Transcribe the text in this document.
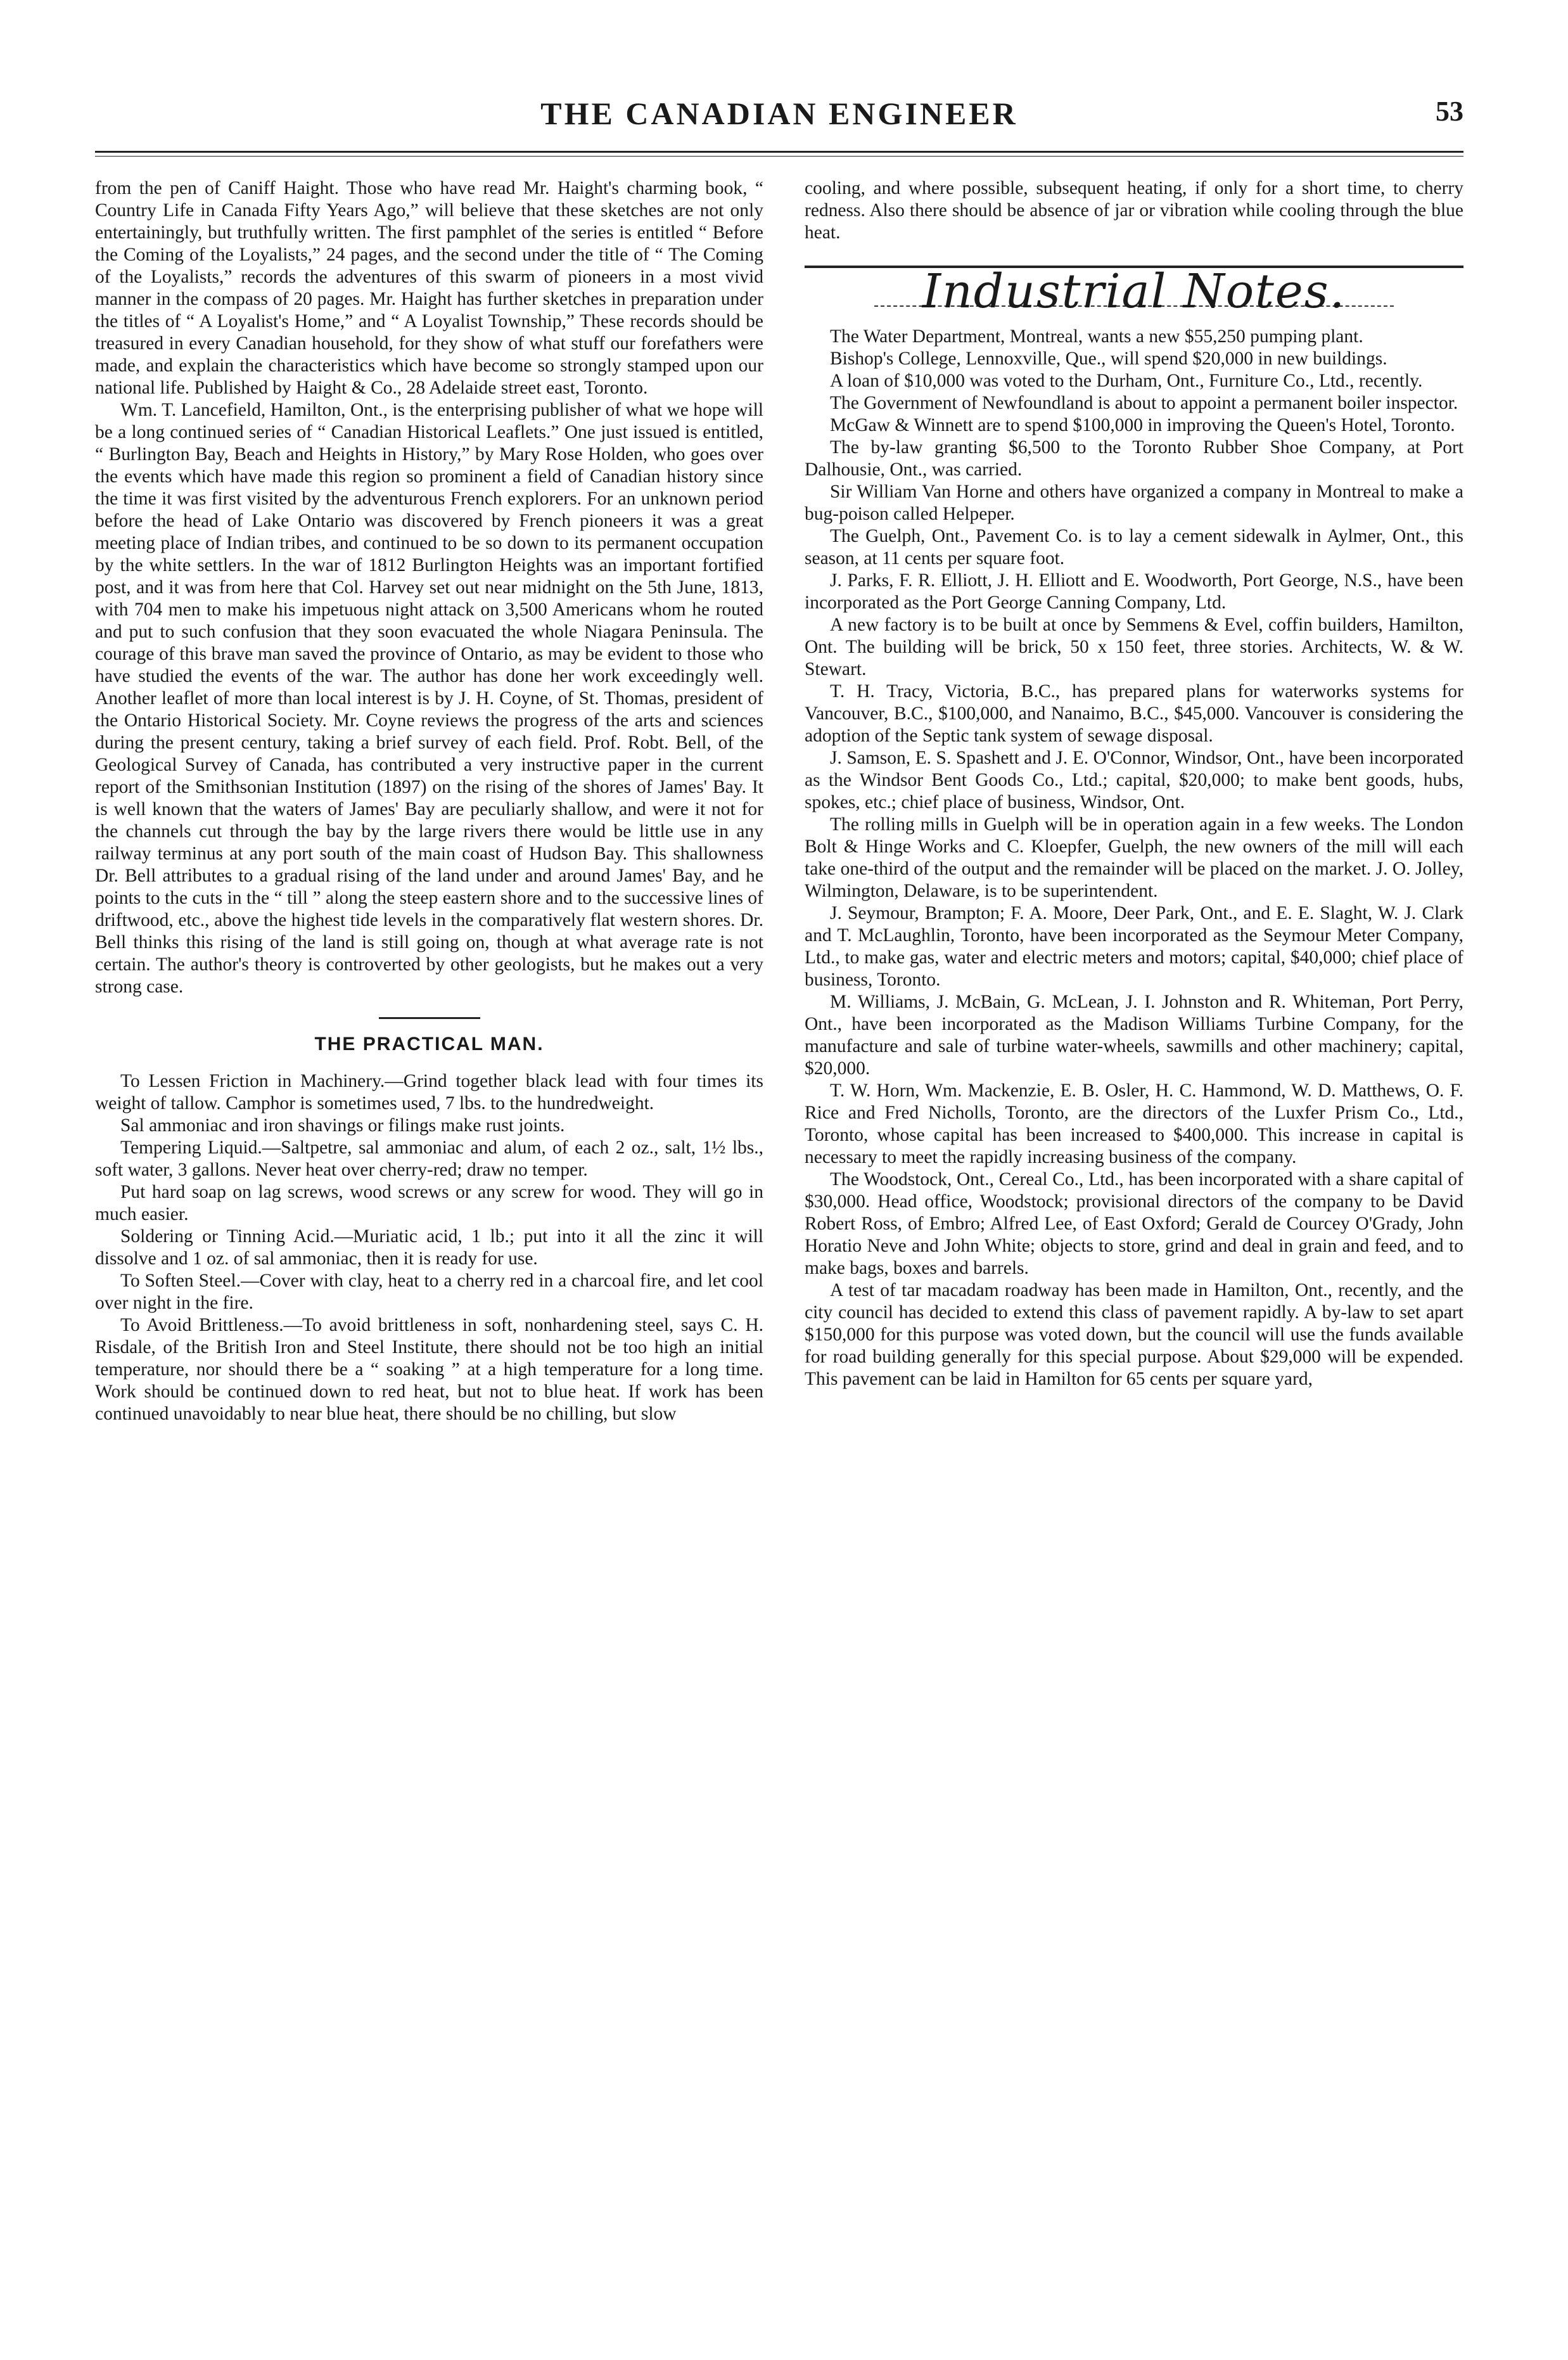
THE CANADIAN ENGINEER	53

from the pen of Caniff Haight. Those who have read Mr. Haight's charming book, “ Country Life in Canada Fifty Years Ago,” will believe that these sketches are not only entertainingly, but truthfully written. The first pamphlet of the series is entitled “ Before the Coming of the Loyalists,” 24 pages, and the second under the title of “ The Coming of the Loyalists,” records the adventures of this swarm of pioneers in a most vivid manner in the compass of 20 pages. Mr. Haight has further sketches in preparation under the titles of “ A Loyalist's Home,” and “ A Loyalist Township,” These records should be treasured in every Canadian household, for they show of what stuff our forefathers were made, and explain the characteristics which have become so strongly stamped upon our national life. Published by Haight & Co., 28 Adelaide street east, Toronto.

Wm. T. Lancefield, Hamilton, Ont., is the enterprising publisher of what we hope will be a long continued series of “ Canadian Historical Leaflets.” One just issued is entitled, “ Burlington Bay, Beach and Heights in History,” by Mary Rose Holden, who goes over the events which have made this region so prominent a field of Canadian history since the time it was first visited by the adventurous French explorers. For an unknown period before the head of Lake Ontario was discovered by French pioneers it was a great meeting place of Indian tribes, and continued to be so down to its permanent occupation by the white settlers. In the war of 1812 Burlington Heights was an important fortified post, and it was from here that Col. Harvey set out near midnight on the 5th June, 1813, with 704 men to make his impetuous night attack on 3,500 Americans whom he routed and put to such confusion that they soon evacuated the whole Niagara Peninsula. The courage of this brave man saved the province of Ontario, as may be evident to those who have studied the events of the war. The author has done her work exceedingly well. Another leaflet of more than local interest is by J. H. Coyne, of St. Thomas, president of the Ontario Historical Society. Mr. Coyne reviews the progress of the arts and sciences during the present century, taking a brief survey of each field. Prof. Robt. Bell, of the Geological Survey of Canada, has contributed a very instructive paper in the current report of the Smithsonian Institution (1897) on the rising of the shores of James' Bay. It is well known that the waters of James' Bay are peculiarly shallow, and were it not for the channels cut through the bay by the large rivers there would be little use in any railway terminus at any port south of the main coast of Hudson Bay. This shallowness Dr. Bell attributes to a gradual rising of the land under and around James' Bay, and he points to the cuts in the “ till ” along the steep eastern shore and to the successive lines of driftwood, etc., above the highest tide levels in the comparatively flat western shores. Dr. Bell thinks this rising of the land is still going on, though at what average rate is not certain. The author's theory is controverted by other geologists, but he makes out a very strong case.

THE PRACTICAL MAN.

To Lessen Friction in Machinery.—Grind together black lead with four times its weight of tallow. Camphor is sometimes used, 7 lbs. to the hundredweight.

Sal ammoniac and iron shavings or filings make rust joints.

Tempering Liquid.—Saltpetre, sal ammoniac and alum, of each 2 oz., salt, 1½ lbs., soft water, 3 gallons. Never heat over cherry-red; draw no temper.

Put hard soap on lag screws, wood screws or any screw for wood. They will go in much easier.

Soldering or Tinning Acid.—Muriatic acid, 1 lb.; put into it all the zinc it will dissolve and 1 oz. of sal ammoniac, then it is ready for use.

To Soften Steel.—Cover with clay, heat to a cherry red in a charcoal fire, and let cool over night in the fire.

To Avoid Brittleness.—To avoid brittleness in soft, nonhardening steel, says C. H. Risdale, of the British Iron and Steel Institute, there should not be too high an initial temperature, nor should there be a “ soaking ” at a high temperature for a long time. Work should be continued down to red heat, but not to blue heat. If work has been continued unavoidably to near blue heat, there should be no chilling, but slow

cooling, and where possible, subsequent heating, if only for a short time, to cherry redness. Also there should be absence of jar or vibration while cooling through the blue heat.

Industrial Notes.

The Water Department, Montreal, wants a new $55,250 pumping plant.

Bishop's College, Lennoxville, Que., will spend $20,000 in new buildings.

A loan of $10,000 was voted to the Durham, Ont., Furniture Co., Ltd., recently.

The Government of Newfoundland is about to appoint a permanent boiler inspector.

McGaw & Winnett are to spend $100,000 in improving the Queen's Hotel, Toronto.

The by-law granting $6,500 to the Toronto Rubber Shoe Company, at Port Dalhousie, Ont., was carried.

Sir William Van Horne and others have organized a company in Montreal to make a bug-poison called Helpeper.

The Guelph, Ont., Pavement Co. is to lay a cement sidewalk in Aylmer, Ont., this season, at 11 cents per square foot.

J. Parks, F. R. Elliott, J. H. Elliott and E. Woodworth, Port George, N.S., have been incorporated as the Port George Canning Company, Ltd.

A new factory is to be built at once by Semmens & Evel, coffin builders, Hamilton, Ont. The building will be brick, 50 x 150 feet, three stories. Architects, W. & W. Stewart.

T. H. Tracy, Victoria, B.C., has prepared plans for waterworks systems for Vancouver, B.C., $100,000, and Nanaimo, B.C., $45,000. Vancouver is considering the adoption of the Septic tank system of sewage disposal.

J. Samson, E. S. Spashett and J. E. O'Connor, Windsor, Ont., have been incorporated as the Windsor Bent Goods Co., Ltd.; capital, $20,000; to make bent goods, hubs, spokes, etc.; chief place of business, Windsor, Ont.

The rolling mills in Guelph will be in operation again in a few weeks. The London Bolt & Hinge Works and C. Kloepfer, Guelph, the new owners of the mill will each take one-third of the output and the remainder will be placed on the market. J. O. Jolley, Wilmington, Delaware, is to be superintendent.

J. Seymour, Brampton; F. A. Moore, Deer Park, Ont., and E. E. Slaght, W. J. Clark and T. McLaughlin, Toronto, have been incorporated as the Seymour Meter Company, Ltd., to make gas, water and electric meters and motors; capital, $40,000; chief place of business, Toronto.

M. Williams, J. McBain, G. McLean, J. I. Johnston and R. Whiteman, Port Perry, Ont., have been incorporated as the Madison Williams Turbine Company, for the manufacture and sale of turbine water-wheels, sawmills and other machinery; capital, $20,000.

T. W. Horn, Wm. Mackenzie, E. B. Osler, H. C. Hammond, W. D. Matthews, O. F. Rice and Fred Nicholls, Toronto, are the directors of the Luxfer Prism Co., Ltd., Toronto, whose capital has been increased to $400,000. This increase in capital is necessary to meet the rapidly increasing business of the company.

The Woodstock, Ont., Cereal Co., Ltd., has been incorporated with a share capital of $30,000. Head office, Woodstock; provisional directors of the company to be David Robert Ross, of Embro; Alfred Lee, of East Oxford; Gerald de Courcey O'Grady, John Horatio Neve and John White; objects to store, grind and deal in grain and feed, and to make bags, boxes and barrels.

A test of tar macadam roadway has been made in Hamilton, Ont., recently, and the city council has decided to extend this class of pavement rapidly. A by-law to set apart $150,000 for this purpose was voted down, but the council will use the funds available for road building generally for this special purpose. About $29,000 will be expended. This pavement can be laid in Hamilton for 65 cents per square yard,
